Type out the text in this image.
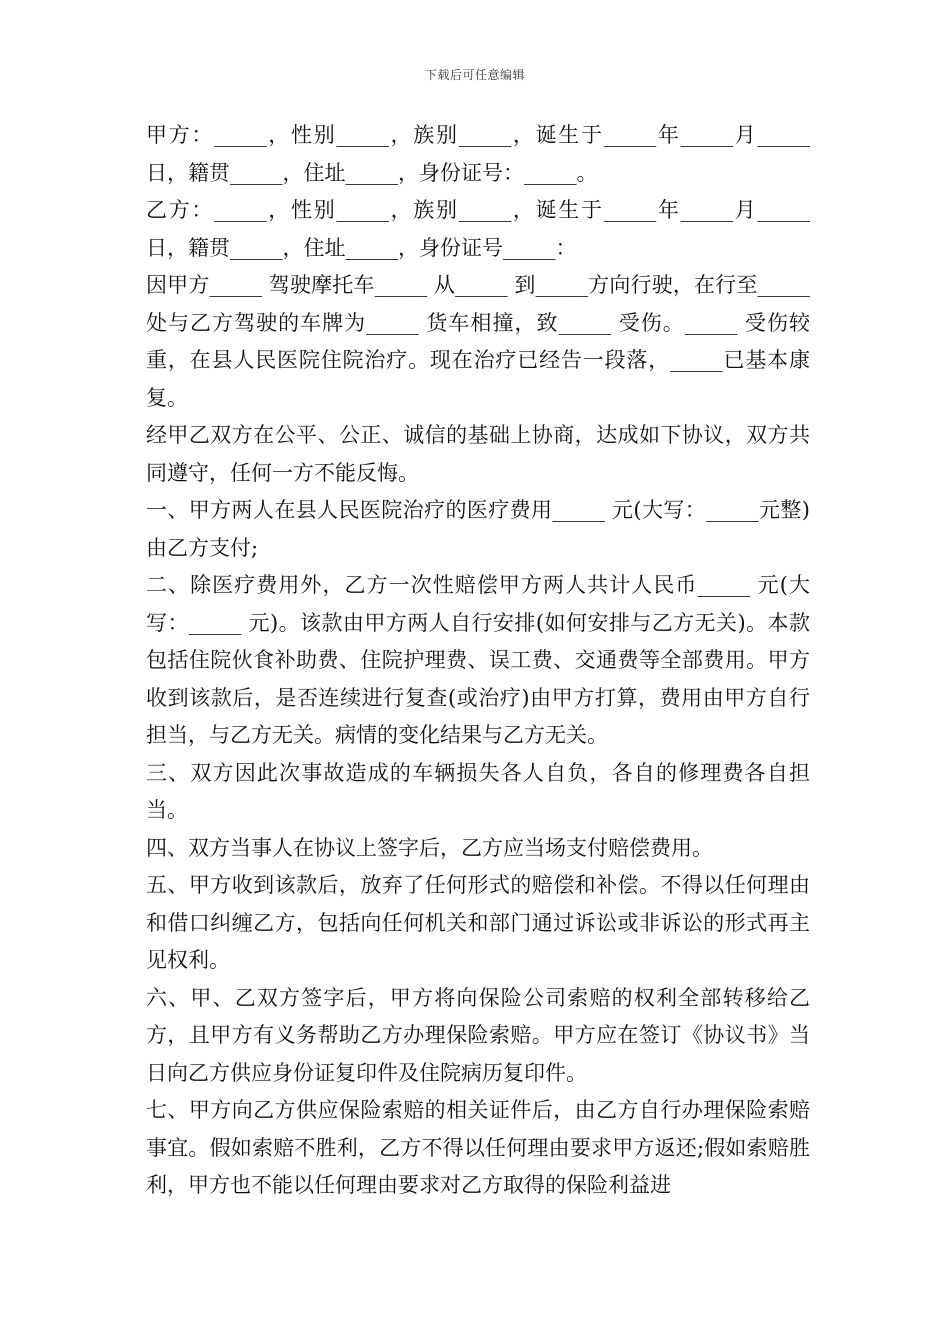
下载后可任意编辑

甲方：_____，性别_____，族别_____，诞生于_____年_____月_____日，籍贯_____，住址_____，身份证号：_____。

乙方：_____，性别_____，族别_____，诞生于_____年_____月_____日，籍贯_____，住址_____，身份证号_____：

因甲方_____ 驾驶摩托车_____ 从_____ 到_____方向行驶，在行至_____处与乙方驾驶的车牌为_____ 货车相撞，致_____ 受伤。_____ 受伤较重，在县人民医院住院治疗。现在治疗已经告一段落，_____已基本康复。

经甲乙双方在公平、公正、诚信的基础上协商，达成如下协议，双方共同遵守，任何一方不能反悔。

一、甲方两人在县人民医院治疗的医疗费用_____ 元(大写：_____元整)由乙方支付;

二、除医疗费用外，乙方一次性赔偿甲方两人共计人民币_____ 元(大写：_____ 元)。该款由甲方两人自行安排(如何安排与乙方无关)。本款包括住院伙食补助费、住院护理费、误工费、交通费等全部费用。甲方收到该款后，是否连续进行复查(或治疗)由甲方打算，费用由甲方自行担当，与乙方无关。病情的变化结果与乙方无关。

三、双方因此次事故造成的车辆损失各人自负，各自的修理费各自担当。

四、双方当事人在协议上签字后，乙方应当场支付赔偿费用。

五、甲方收到该款后，放弃了任何形式的赔偿和补偿。不得以任何理由和借口纠缠乙方，包括向任何机关和部门通过诉讼或非诉讼的形式再主见权利。

六、甲、乙双方签字后，甲方将向保险公司索赔的权利全部转移给乙方，且甲方有义务帮助乙方办理保险索赔。甲方应在签订《协议书》当日向乙方供应身份证复印件及住院病历复印件。

七、甲方向乙方供应保险索赔的相关证件后，由乙方自行办理保险索赔事宜。假如索赔不胜利，乙方不得以任何理由要求甲方返还;假如索赔胜利，甲方也不能以任何理由要求对乙方取得的保险利益进
